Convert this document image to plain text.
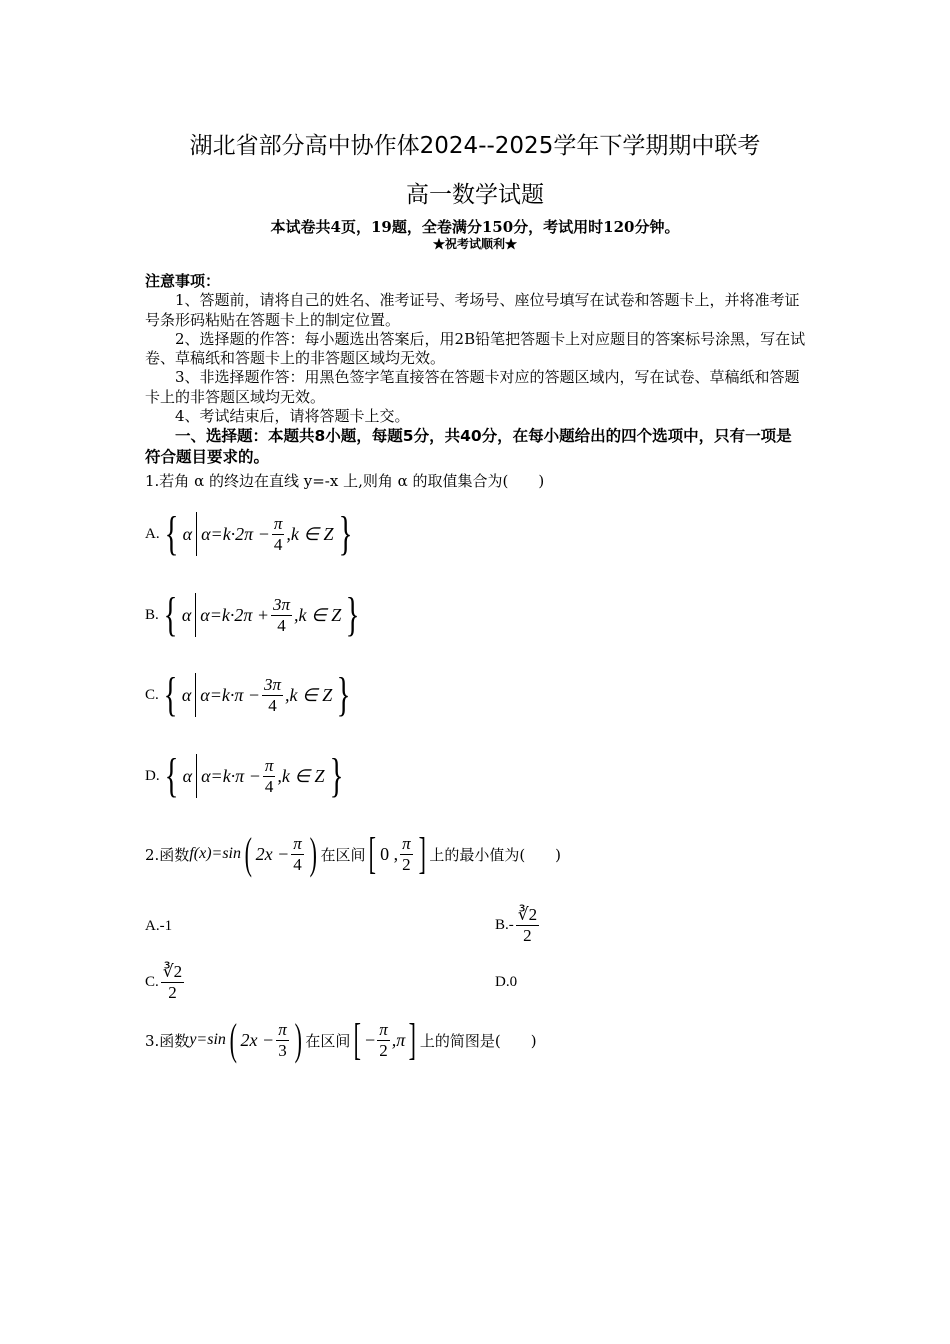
湖北省部分高中协作体2024--2025学年下学期期中联考
高一数学试题
本试卷共4页，19题，全卷满分150分，考试用时120分钟。
★祝考试顺利★
注意事项：
1、答题前，请将自己的姓名、准考证号、考场号、座位号填写在试卷和答题卡上，并将准考证号条形码粘贴在答题卡上的制定位置。
2、选择题的作答：每小题选出答案后，用2B铅笔把答题卡上对应题目的答案标号涂黑，写在试卷、草稿纸和答题卡上的非答题区域均无效。
3、非选择题作答：用黑色签字笔直接答在答题卡对应的答题区域内，写在试卷、草稿纸和答题卡上的非答题区域均无效。
4、考试结束后，请将答题卡上交。
一、选择题：本题共8小题，每题5分，共40分，在每小题给出的四个选项中，只有一项是符合题目要求的。
1.若角 α 的终边在直线 y=-x 上,则角 α 的取值集合为(　　)
A. { α $\alpha=k\cdot 2\pi - \frac{\pi}{4} ,k$ ∈ Z }
B. { α $\alpha=k\cdot 2\pi + \frac{3\pi}{4} ,k$ ∈ Z }
C. { α $\alpha=k\cdot\pi - \frac{3\pi}{4} ,k$ ∈ Z }
D. { α $\alpha=k\cdot\pi - \frac{\pi}{4} ,k$ ∈ Z }
2.函数 f(x)=sin ( $2x - \frac{\pi}{4}$ ) 在区间 [ 0 , $\frac{\pi}{2}$ ] 上的最小值为(　　)
A.-1	$B.- \frac{∛2}{2}$
C. $\frac{∛2}{2}$	D.0
3.函数 y=sin ( $2x - \frac{\pi}{3}$ ) 在区间 [ − $\frac{\pi}{2} ,\pi$ ] 上的简图是(　　)
